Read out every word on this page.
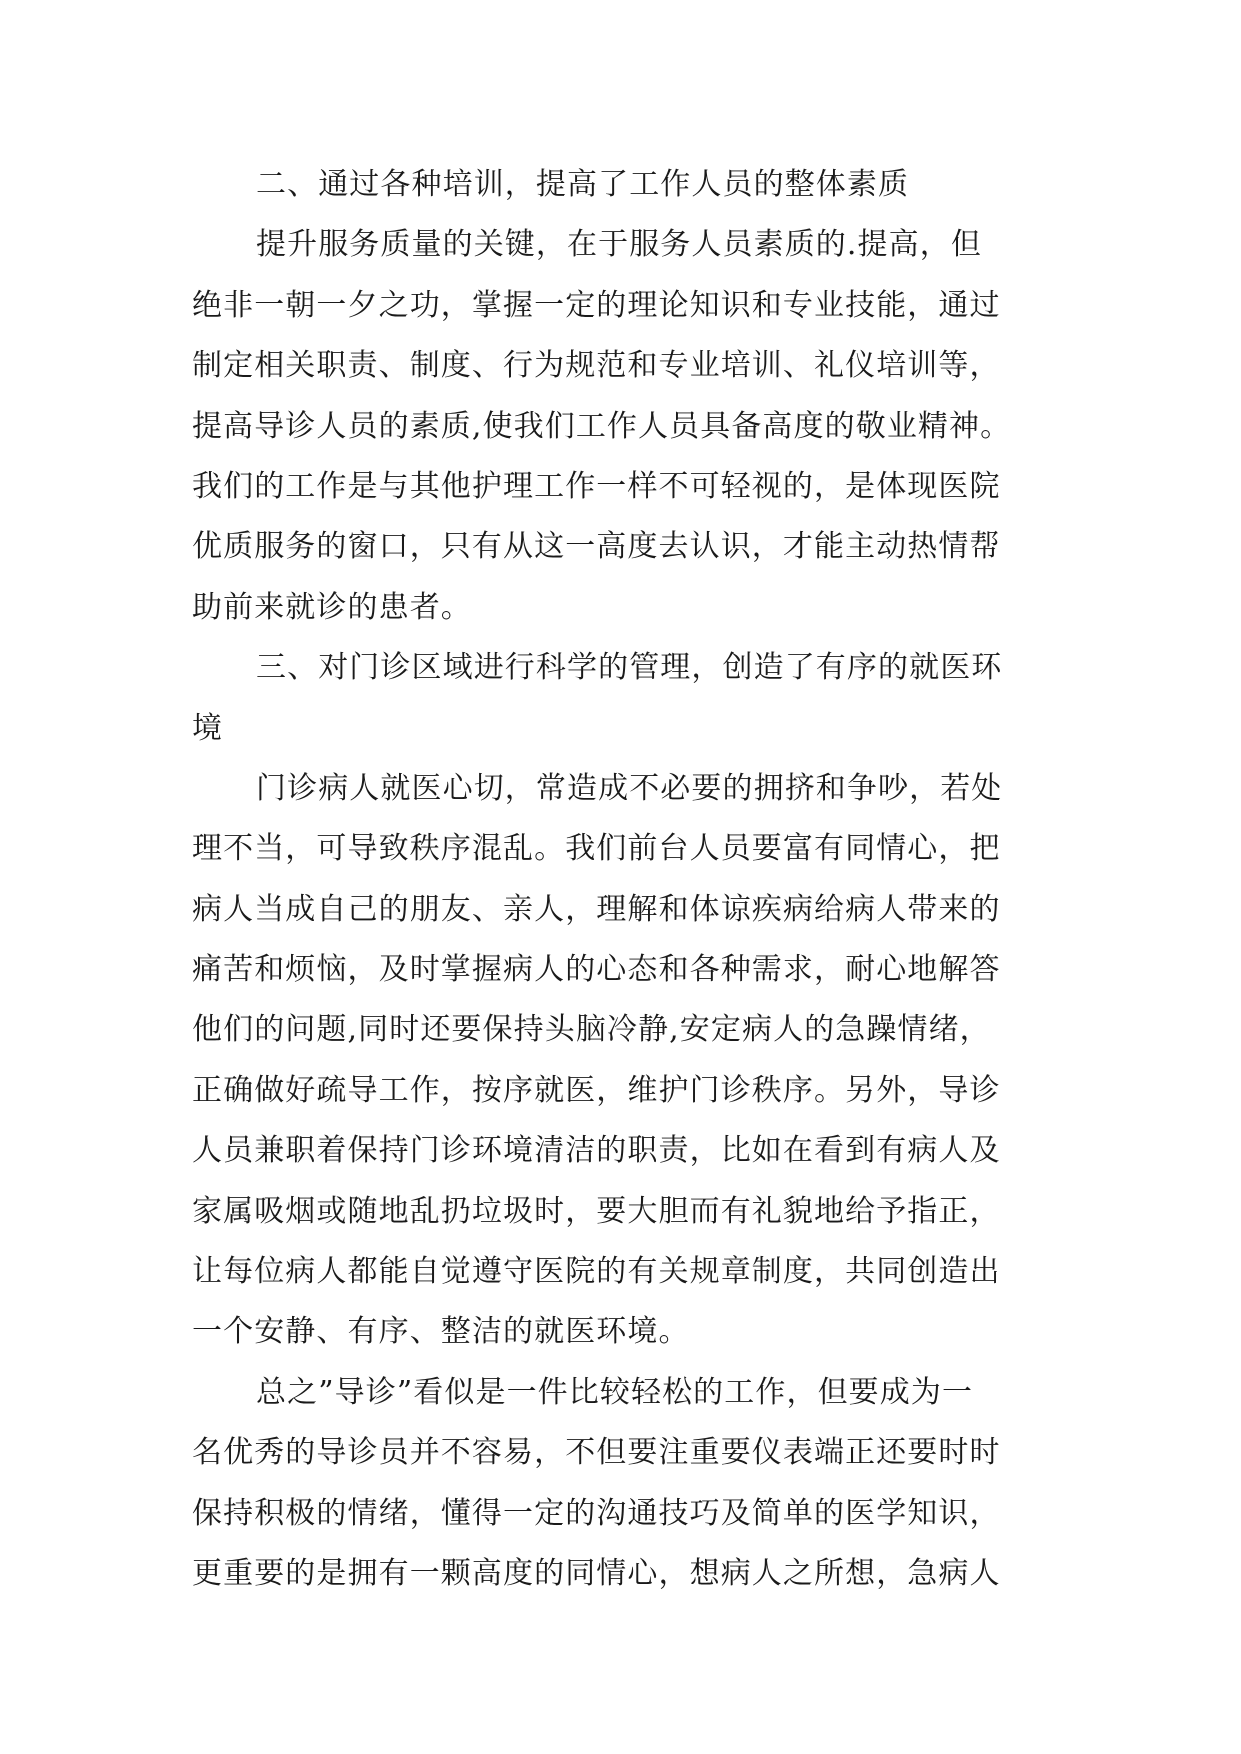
二、通过各种培训，提高了工作人员的整体素质
提升服务质量的关键，在于服务人员素质的.提高，但
绝非一朝一夕之功，掌握一定的理论知识和专业技能，通过
制定相关职责、制度、行为规范和专业培训、礼仪培训等，
提高导诊人员的素质,使我们工作人员具备高度的敬业精神。
我们的工作是与其他护理工作一样不可轻视的，是体现医院
优质服务的窗口，只有从这一高度去认识，才能主动热情帮
助前来就诊的患者。
三、对门诊区域进行科学的管理，创造了有序的就医环
境
门诊病人就医心切，常造成不必要的拥挤和争吵，若处
理不当，可导致秩序混乱。我们前台人员要富有同情心，把
病人当成自己的朋友、亲人，理解和体谅疾病给病人带来的
痛苦和烦恼，及时掌握病人的心态和各种需求，耐心地解答
他们的问题,同时还要保持头脑冷静,安定病人的急躁情绪，
正确做好疏导工作，按序就医，维护门诊秩序。另外，导诊
人员兼职着保持门诊环境清洁的职责，比如在看到有病人及
家属吸烟或随地乱扔垃圾时，要大胆而有礼貌地给予指正，
让每位病人都能自觉遵守医院的有关规章制度，共同创造出
一个安静、有序、整洁的就医环境。
总之”导诊”看似是一件比较轻松的工作，但要成为一
名优秀的导诊员并不容易，不但要注重要仪表端正还要时时
保持积极的情绪，懂得一定的沟通技巧及简单的医学知识，
更重要的是拥有一颗高度的同情心，想病人之所想，急病人
